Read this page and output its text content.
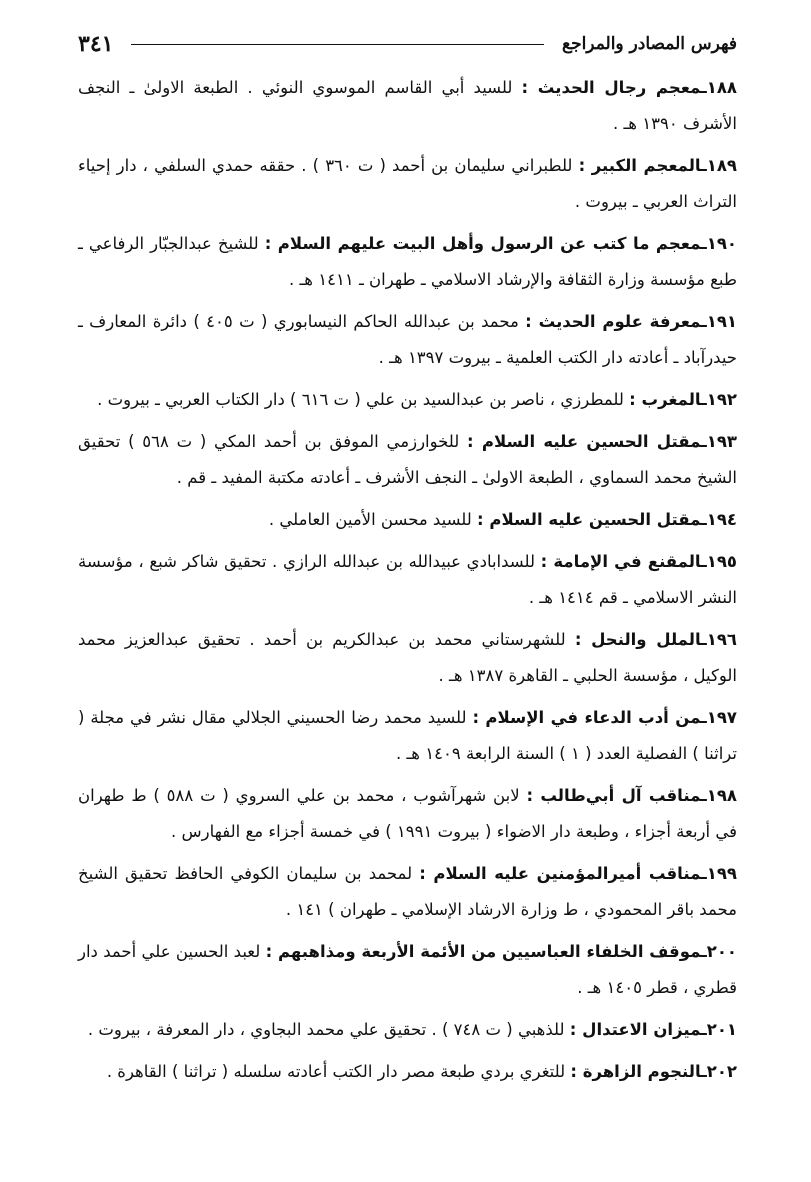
فهرس المصادر والمراجع
٣٤١

١٨٨ـمعجم رجال الحديث : للسيد أبي القاسم الموسوي النوئي . الطبعة الاولىٰ ـ النجف الأشرف ١٣٩٠ هـ .

١٨٩ـالمعجم الكبير : للطبراني سليمان بن أحمد ( ت ٣٦٠ ) . حققه حمدي السلفي ، دار إحياء التراث العربي ـ بيروت .

١٩٠ـمعجم ما كتب عن الرسول وأهل البيت عليهم السلام : للشيخ عبدالجبّار الرفاعي ـ طبع مؤسسة وزارة الثقافة والإرشاد الاسلامي ـ طهران ـ ١٤١١ هـ .

١٩١ـمعرفة علوم الحديث : محمد بن عبدالله الحاكم النيسابوري ( ت ٤٠٥ ) دائرة المعارف ـ حيدرآباد ـ أعادته دار الكتب العلمية ـ بيروت ١٣٩٧ هـ .

١٩٢ـالمغرب : للمطرزي ، ناصر بن عبدالسيد بن علي ( ت ٦١٦ ) دار الكتاب العربي ـ بيروت .

١٩٣ـمقتل الحسين عليه السلام : للخوارزمي الموفق بن أحمد المكي ( ت ٥٦٨ ) تحقيق الشيخ محمد السماوي ، الطبعة الاولىٰ ـ النجف الأشرف ـ أعادته مكتبة المفيد ـ قم .

١٩٤ـمقتل الحسين عليه السلام : للسيد محسن الأمين العاملي .

١٩٥ـالمقنع في الإمامة : للسدابادي عبيدالله بن عبدالله الرازي . تحقيق شاكر شبع ، مؤسسة النشر الاسلامي ـ قم ١٤١٤ هـ .

١٩٦ـالملل والنحل : للشهرستاني محمد بن عبدالكريم بن أحمد . تحقيق عبدالعزيز محمد الوكيل ، مؤسسة الحلبي ـ القاهرة ١٣٨٧ هـ .

١٩٧ـمن أدب الدعاء في الإسلام : للسيد محمد رضا الحسيني الجلالي مقال نشر في مجلة ( تراثنا ) الفصلية العدد ( ١ ) السنة الرابعة ١٤٠٩ هـ .

١٩٨ـمناقب آل أبي‌طالب : لابن شهرآشوب ، محمد بن علي السروي ( ت ٥٨٨ ) ط طهران في أربعة أجزاء ، وطبعة دار الاضواء ( بيروت ١٩٩١ ) في خمسة أجزاء مع الفهارس .

١٩٩ـمناقب أميرالمؤمنين عليه السلام : لمحمد بن سليمان الكوفي الحافظ تحقيق الشيخ محمد باقر المحمودي ، ط وزارة الارشاد الإسلامي ـ طهران ) ١٤١ .

٢٠٠ـموقف الخلفاء العباسيين من الأئمة الأربعة ومذاهبهم : لعبد الحسين علي أحمد دار قطري ، قطر ١٤٠٥ هـ .

٢٠١ـميزان الاعتدال : للذهبي ( ت ٧٤٨ ) . تحقيق علي محمد البجاوي ، دار المعرفة ، بيروت .

٢٠٢ـالنجوم الزاهرة : للتغري بردي طبعة مصر دار الكتب أعادته سلسله ( تراثنا ) القاهرة .
